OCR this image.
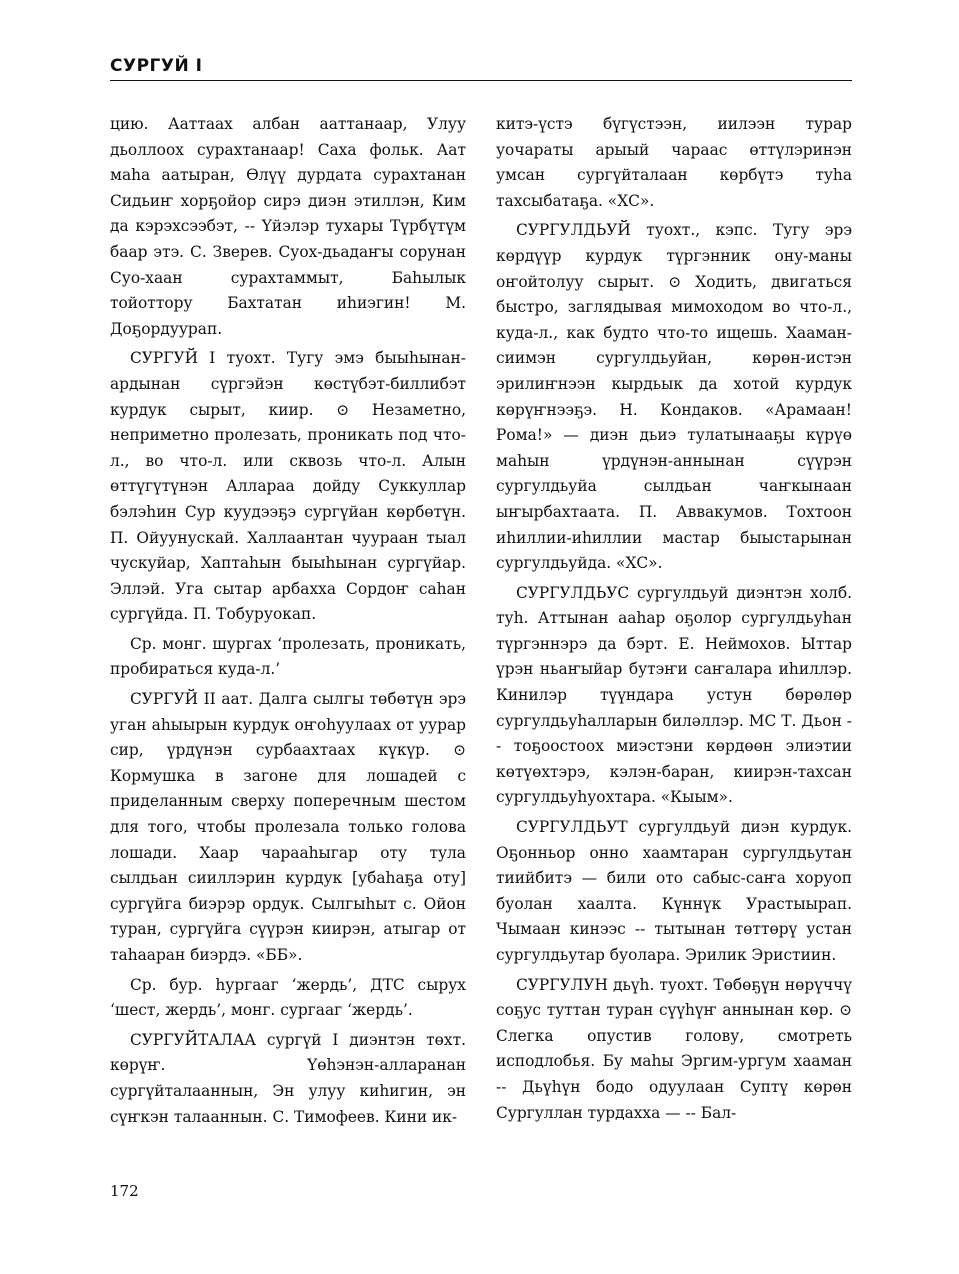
СУРГУЙ I

цию. Ааттаах албан ааттанаар, Улуу дьоллоох сурахтанаар! Саха фольк. Аат маһа аатыран, Өлүү дурдата сурахтанан Сидьиҥ хорҕойор сирэ диэн этиллэн, Ким да кэрэхсээбэт, -- Үйэлэр тухары Түрбүтүм баар этэ. С. Зверев. Суох-дьадаҥы сорунан Суо-хаан сурахтаммыт, Баһылык тойоттору Бахтатан иһиэгин! М. Доҕордуурап.

СУРГУЙ I туохт. Тугу эмэ быыһынан-ардынан сүргэйэн көстүбэт-биллибэт курдук сырыт, киир. ⊙ Незаметно, неприметно пролезать, проникать под что-л., во что-л. или сквозь что-л. Алын өттүгүтүнэн Алларaа дойду Суккуллар бэлэһин Сур куудээҕэ сургүйан көрбөтүн. П. Ойуунускай. Халлаантан чуураан тыал чускуйар, Хаптаһын быыһынан сургүйар. Эллэй. Уга сытар арбахха Сордоҥ саһан сургүйда. П. Тобуруокап.

Ср. монг. шургах ‘пролезать, проникать, пробираться куда-л.’

СУРГУЙ II аат. Далга сылгы төбөтүн эрэ уган аһыырын курдук оҥоһуулаах от уурар сир, үрдүнэн сурбаахтаах күкүр. ⊙ Кормушка в загоне для лошадей с приделанным сверху поперечным шестом для того, чтобы пролезала только голова лошади. Хаар чарааһыгар оту тула сылдьан сииллэрин курдук [убаһаҕа оту] сургүйга биэрэр ордук. Сылгыһыт с. Ойон туран, сургүйга сүүрэн киирэн, атыгар от таһааран биэрдэ. «ББ».

Ср. бур. һургааг ‘жердь’, ДТС сырух ‘шест, жердь’, монг. сургааг ‘жердь’.

СУРГУЙТАЛАА сургүй I диэнтэн төхт. көрүҥ. Үөһэнэн-алларанан сургүйталааннын, Эн улуу киһигин, эн сүҥкэн талааннын. С. Тимофеев. Кини ик-

китэ-үстэ бүгүстээн, иилээн турар уочараты арыый чараас өттүлэринэн умсан сургүйталаан көрбүтэ туһа тахсыбатаҕа. «ХС».

СУРГУЛДЬУЙ туохт., кэпс. Тугу эрэ көрдүүр курдук түргэнник ону-маны оҥойтолуу сырыт. ⊙ Ходить, двигаться быстро, заглядывая мимоходом во что-л., куда-л., как будто что-то ищешь. Хааман-сиимэн сургулдьуйан, көрөн-истэн эрилиҥнээн кырдьык да хотой курдук көрүҥнээҕэ. Н. Кондаков. «Арамаан! Рома!» — диэн дьиэ тулатынааҕы күрүө маһын үрдүнэн-аннынан сүүрэн сургулдьуйа сылдьан чаҥкынаан ыҥырбахтаата. П. Аввакумов. Тохтоон иһиллии-иһиллии мастар быыстарынан сургулдьуйда. «ХС».

СУРГУЛДЬУС сургулдьуй диэнтэн холб. туһ. Аттынан ааһар оҕолор сургулдьуһан түргэннэрэ да бэрт. Е. Неймохов. Ыттар үрэн ньаҥыйар бутэҥи саҥалара иһиллэр. Кинилэр түүндара устун бөрөлөр сургулдьуһалларын биләллэр. МС Т. Дьон -- тоҕоостоох миэстэни көрдөөн элиэтии көтүөхтэрэ, кэлэн-баран, киирэн-тахсан сургулдьуһуохтара. «Кыым».

СУРГУЛДЬУТ сургулдьуй диэн курдук. Оҕонньор онно хаамтаран сургулдьутан тиийбитэ — били ото сабыс-саҥа хоруоп буолан хаалта. Күннүк Урастыырап. Чымаан кинээс -- тытынан төттөрү устан сургулдьутар буолара. Эрилик Эристиин.

СУРГУЛУН дьүһ. туохт. Төбөҕүн нөрүччү соҕус туттан туран сүүһүҥ аннынан көр. ⊙ Слегка опустив голову, смотреть исподлобья. Бу маһы Эргим-ургум хааман -- Дьүһүн бодо одуулаан Суптү көрөн Сургуллан турдахха — -- Бал-

172
